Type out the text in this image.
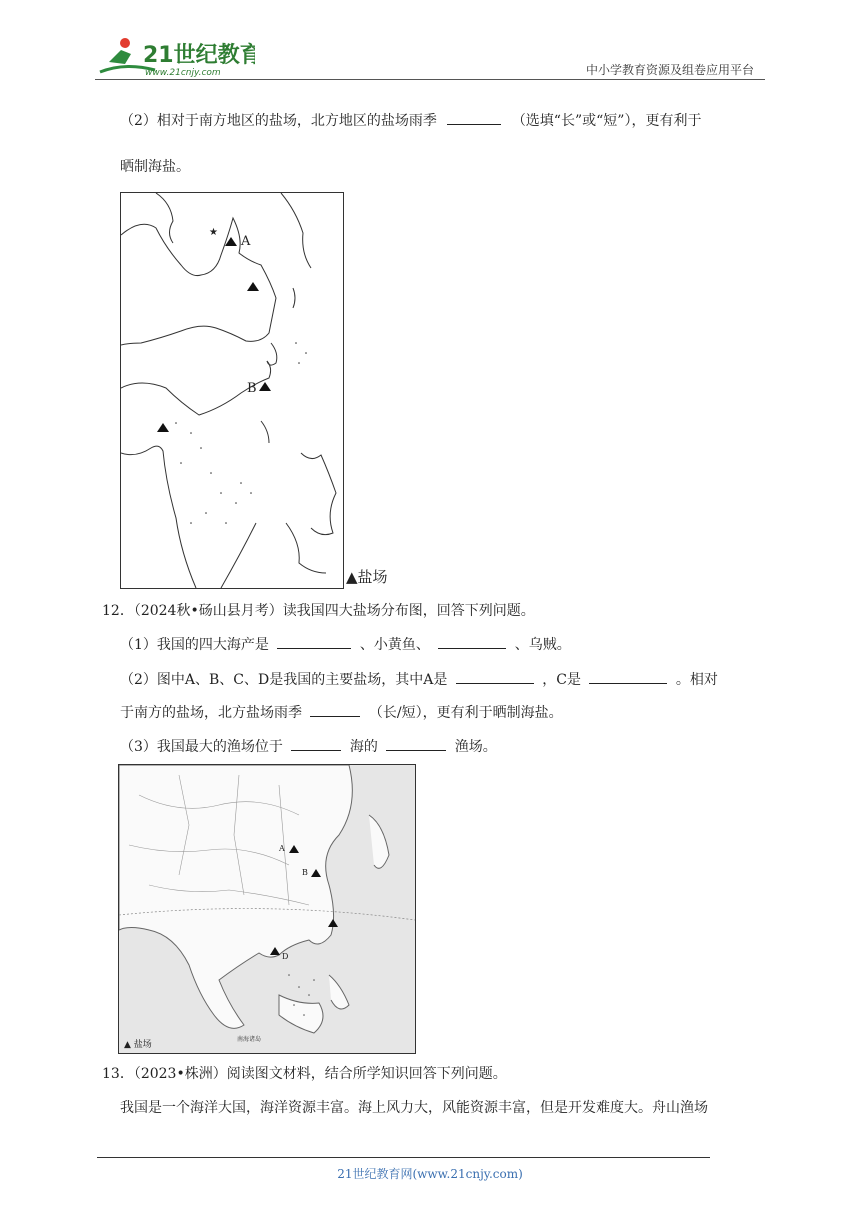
21世纪教育
www.21cnjy.com	中小学教育资源及组卷应用平台
（2）相对于南方地区的盐场，北方地区的盐场雨季	（选填“长”或“短”），更有利于
晒制海盐。
★
A
B
▲盐场
12．（2024秋•砀山县月考）读我国四大盐场分布图，回答下列问题。
（1）我国的四大海产是	、小黄鱼、	、乌贼。
（2）图中A、B、C、D是我国的主要盐场，其中A是	，C是	。相对
于南方的盐场，北方盐场雨季	（长/短），更有利于晒制海盐。
（3）我国最大的渔场位于	海的	渔场。
A
B
D
南海诸岛
▲ 盐场
13．（2023•株洲）阅读图文材料，结合所学知识回答下列问题。
我国是一个海洋大国，海洋资源丰富。海上风力大，风能资源丰富，但是开发难度大。舟山渔场
21世纪教育网(www.21cnjy.com)
